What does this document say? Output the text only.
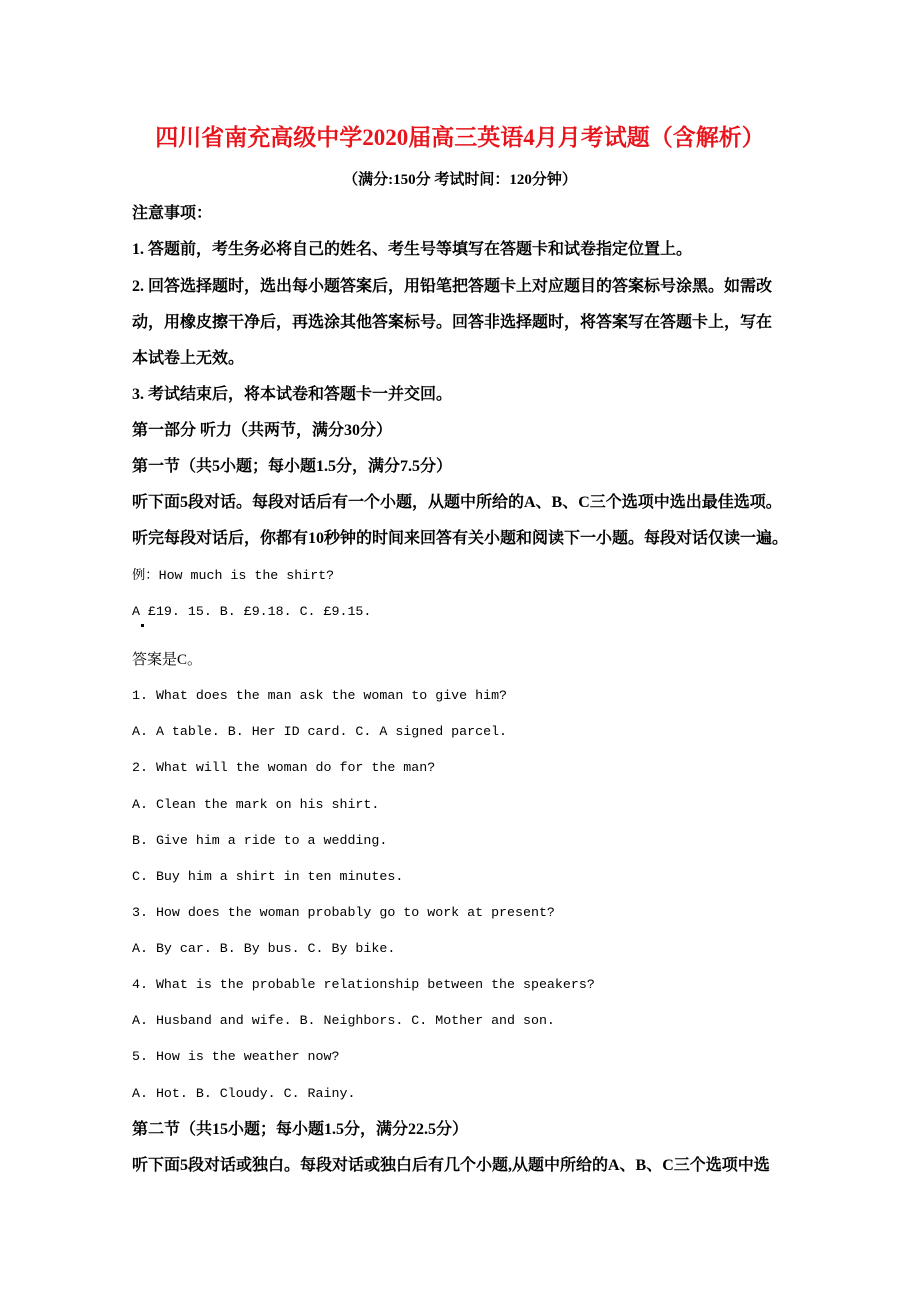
四川省南充高级中学2020届高三英语4月月考试题（含解析）
（满分:150分 考试时间：120分钟）
注意事项：
1. 答题前，考生务必将自己的姓名、考生号等填写在答题卡和试卷指定位置上。
2. 回答选择题时，选出每小题答案后，用铅笔把答题卡上对应题目的答案标号涂黑。如需改
动，用橡皮擦干净后，再选涂其他答案标号。回答非选择题时，将答案写在答题卡上，写在
本试卷上无效。
3. 考试结束后，将本试卷和答题卡一并交回。
第一部分 听力（共两节，满分30分）
第一节（共5小题；每小题1.5分，满分7.5分）
听下面5段对话。每段对话后有一个小题，从题中所给的A、B、C三个选项中选出最佳选项。
听完每段对话后，你都有10秒钟的时间来回答有关小题和阅读下一小题。每段对话仅读一遍。
例：How much is the shirt?
A £19. 15. B. £9.18. C. £9.15.
答案是C。
1. What does the man ask the woman to give him?
A. A table. B. Her ID card. C. A signed parcel.
2. What will the woman do for the man?
A. Clean the mark on his shirt.
B. Give him a ride to a wedding.
C. Buy him a shirt in ten minutes.
3. How does the woman probably go to work at present?
A. By car. B. By bus. C. By bike.
4. What is the probable relationship between the speakers?
A. Husband and wife. B. Neighbors. C. Mother and son.
5. How is the weather now?
A. Hot. B. Cloudy. C. Rainy.
第二节（共15小题；每小题1.5分，满分22.5分）
听下面5段对话或独白。每段对话或独白后有几个小题,从题中所给的A、B、C三个选项中选
